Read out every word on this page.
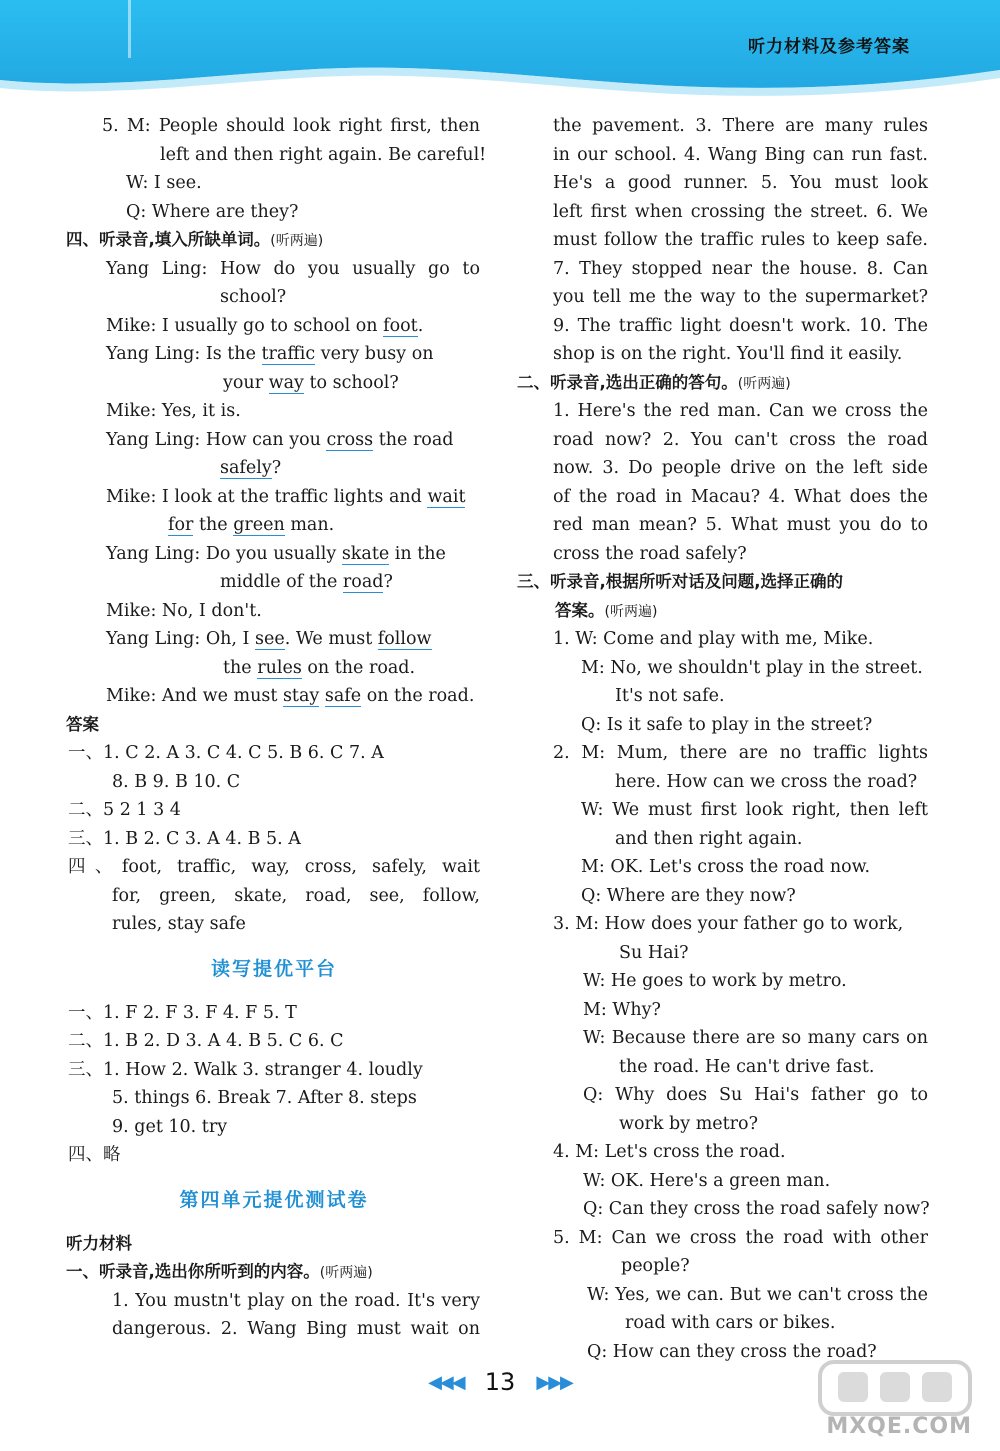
听力材料及参考答案
5. M: People should look right first, then
left and then right again. Be careful!
W: I see.
Q: Where are they?
四、听录音,填入所缺单词。(听两遍)
Yang Ling: How do you usually go to
school?
Mike: I usually go to school on foot.
Yang Ling: Is the traffic very busy on
your way to school?
Mike: Yes, it is.
Yang Ling: How can you cross the road
safely?
Mike: I look at the traffic lights and wait
for the green man.
Yang Ling: Do you usually skate in the
middle of the road?
Mike: No, I don't.
Yang Ling: Oh, I see. We must follow
the rules on the road.
Mike: And we must stay safe on the road.
答案
一、1. C 2. A 3. C 4. C 5. B 6. C 7. A
8. B 9. B 10. C
二、5 2 1 3 4
三、1. B 2. C 3. A 4. B 5. A
四、foot, traffic, way, cross, safely, wait
for, green, skate, road, see, follow,
rules, stay safe
读写提优平台
一、1. F 2. F 3. F 4. F 5. T
二、1. B 2. D 3. A 4. B 5. C 6. C
三、1. How 2. Walk 3. stranger 4. loudly
5. things 6. Break 7. After 8. steps
9. get 10. try
四、略
第四单元提优测试卷
听力材料
一、听录音,选出你所听到的内容。(听两遍)
1. You mustn't play on the road. It's very
dangerous. 2. Wang Bing must wait on
the pavement. 3. There are many rules
in our school. 4. Wang Bing can run fast.
He's a good runner. 5. You must look
left first when crossing the street. 6. We
must follow the traffic rules to keep safe.
7. They stopped near the house. 8. Can
you tell me the way to the supermarket?
9. The traffic light doesn't work. 10. The
shop is on the right. You'll find it easily.
二、听录音,选出正确的答句。(听两遍)
1. Here's the red man. Can we cross the
road now? 2. You can't cross the road
now. 3. Do people drive on the left side
of the road in Macau? 4. What does the
red man mean? 5. What must you do to
cross the road safely?
三、听录音,根据所听对话及问题,选择正确的
答案。(听两遍)
1. W: Come and play with me, Mike.
M: No, we shouldn't play in the street.
It's not safe.
Q: Is it safe to play in the street?
2. M: Mum, there are no traffic lights
here. How can we cross the road?
W: We must first look right, then left
and then right again.
M: OK. Let's cross the road now.
Q: Where are they now?
3. M: How does your father go to work,
Su Hai?
W: He goes to work by metro.
M: Why?
W: Because there are so many cars on
the road. He can't drive fast.
Q: Why does Su Hai's father go to
work by metro?
4. M: Let's cross the road.
W: OK. Here's a green man.
Q: Can they cross the road safely now?
5. M: Can we cross the road with other
people?
W: Yes, we can. But we can't cross the
road with cars or bikes.
Q: How can they cross the road?
◀◀◀ 13 ▶▶▶
MXQE.COM
